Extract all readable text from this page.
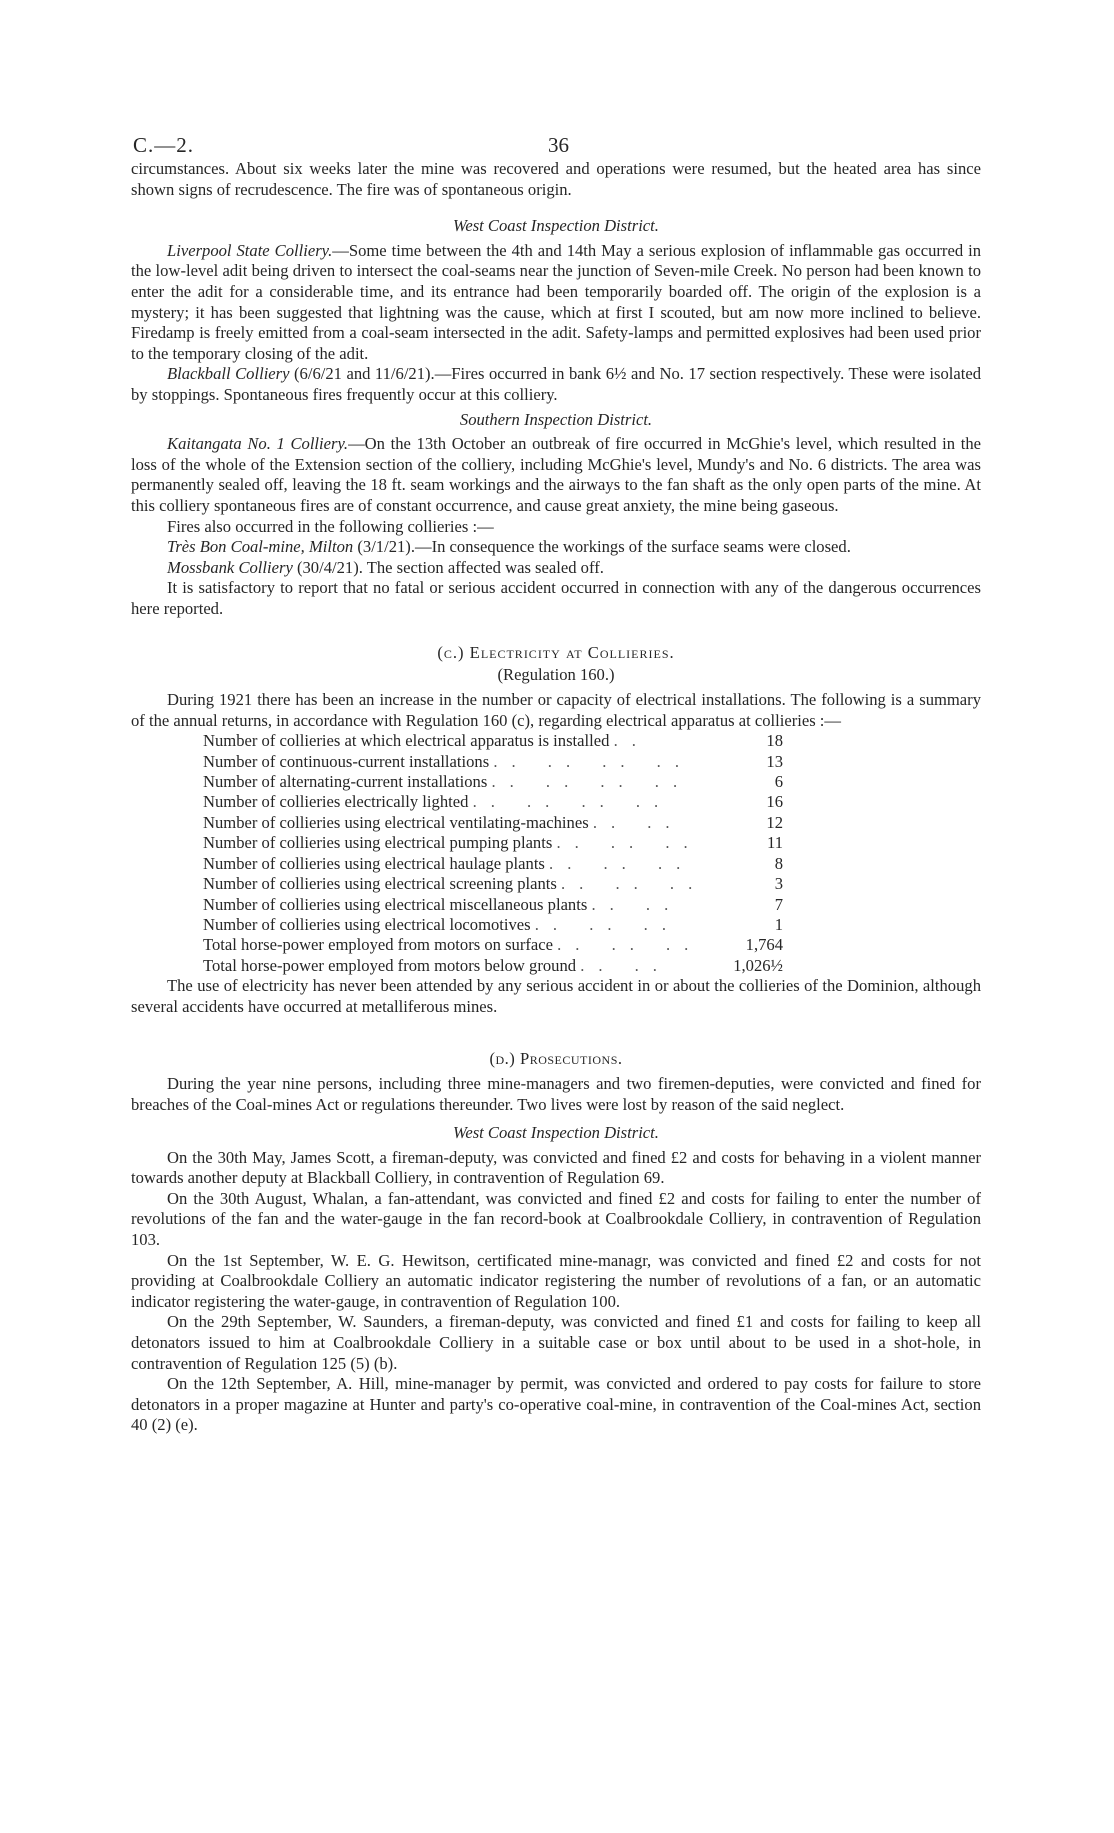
C.—2.	36

circumstances. About six weeks later the mine was recovered and operations were resumed, but the heated area has since shown signs of recrudescence. The fire was of spontaneous origin.

West Coast Inspection District.

Liverpool State Colliery.—Some time between the 4th and 14th May a serious explosion of inflammable gas occurred in the low-level adit being driven to intersect the coal-seams near the junction of Seven-mile Creek. No person had been known to enter the adit for a considerable time, and its entrance had been temporarily boarded off. The origin of the explosion is a mystery; it has been suggested that lightning was the cause, which at first I scouted, but am now more inclined to believe. Firedamp is freely emitted from a coal-seam intersected in the adit. Safety-lamps and permitted explosives had been used prior to the temporary closing of the adit.

Blackball Colliery (6/6/21 and 11/6/21).—Fires occurred in bank 6½ and No. 17 section respectively. These were isolated by stoppings. Spontaneous fires frequently occur at this colliery.

Southern Inspection District.

Kaitangata No. 1 Colliery.—On the 13th October an outbreak of fire occurred in McGhie's level, which resulted in the loss of the whole of the Extension section of the colliery, including McGhie's level, Mundy's and No. 6 districts. The area was permanently sealed off, leaving the 18 ft. seam workings and the airways to the fan shaft as the only open parts of the mine. At this colliery spontaneous fires are of constant occurrence, and cause great anxiety, the mine being gaseous.

Fires also occurred in the following collieries :—

Très Bon Coal-mine, Milton (3/1/21).—In consequence the workings of the surface seams were closed.

Mossbank Colliery (30/4/21). The section affected was sealed off.

It is satisfactory to report that no fatal or serious accident occurred in connection with any of the dangerous occurrences here reported.

(c.) Electricity at Collieries.
(Regulation 160.)

During 1921 there has been an increase in the number or capacity of electrical installations. The following is a summary of the annual returns, in accordance with Regulation 160 (c), regarding electrical apparatus at collieries :—

Number of collieries at which electrical apparatus is installed ..	18
Number of continuous-current installations .. .. .. ..	13
Number of alternating-current installations .. .. .. ..	6
Number of collieries electrically lighted .. .. .. ..	16
Number of collieries using electrical ventilating-machines .. ..	12
Number of collieries using electrical pumping plants .. .. ..	11
Number of collieries using electrical haulage plants .. .. ..	8
Number of collieries using electrical screening plants .. .. ..	3
Number of collieries using electrical miscellaneous plants .. ..	7
Number of collieries using electrical locomotives .. .. ..	1
Total horse-power employed from motors on surface .. .. ..	1,764
Total horse-power employed from motors below ground .. ..	1,026½

The use of electricity has never been attended by any serious accident in or about the collieries of the Dominion, although several accidents have occurred at metalliferous mines.

(d.) Prosecutions.

During the year nine persons, including three mine-managers and two firemen-deputies, were convicted and fined for breaches of the Coal-mines Act or regulations thereunder. Two lives were lost by reason of the said neglect.

West Coast Inspection District.

On the 30th May, James Scott, a fireman-deputy, was convicted and fined £2 and costs for behaving in a violent manner towards another deputy at Blackball Colliery, in contravention of Regulation 69.

On the 30th August, Whalan, a fan-attendant, was convicted and fined £2 and costs for failing to enter the number of revolutions of the fan and the water-gauge in the fan record-book at Coalbrookdale Colliery, in contravention of Regulation 103.

On the 1st September, W. E. G. Hewitson, certificated mine-managr, was convicted and fined £2 and costs for not providing at Coalbrookdale Colliery an automatic indicator registering the number of revolutions of a fan, or an automatic indicator registering the water-gauge, in contravention of Regulation 100.

On the 29th September, W. Saunders, a fireman-deputy, was convicted and fined £1 and costs for failing to keep all detonators issued to him at Coalbrookdale Colliery in a suitable case or box until about to be used in a shot-hole, in contravention of Regulation 125 (5) (b).

On the 12th September, A. Hill, mine-manager by permit, was convicted and ordered to pay costs for failure to store detonators in a proper magazine at Hunter and party's co-operative coal-mine, in contravention of the Coal-mines Act, section 40 (2) (e).
